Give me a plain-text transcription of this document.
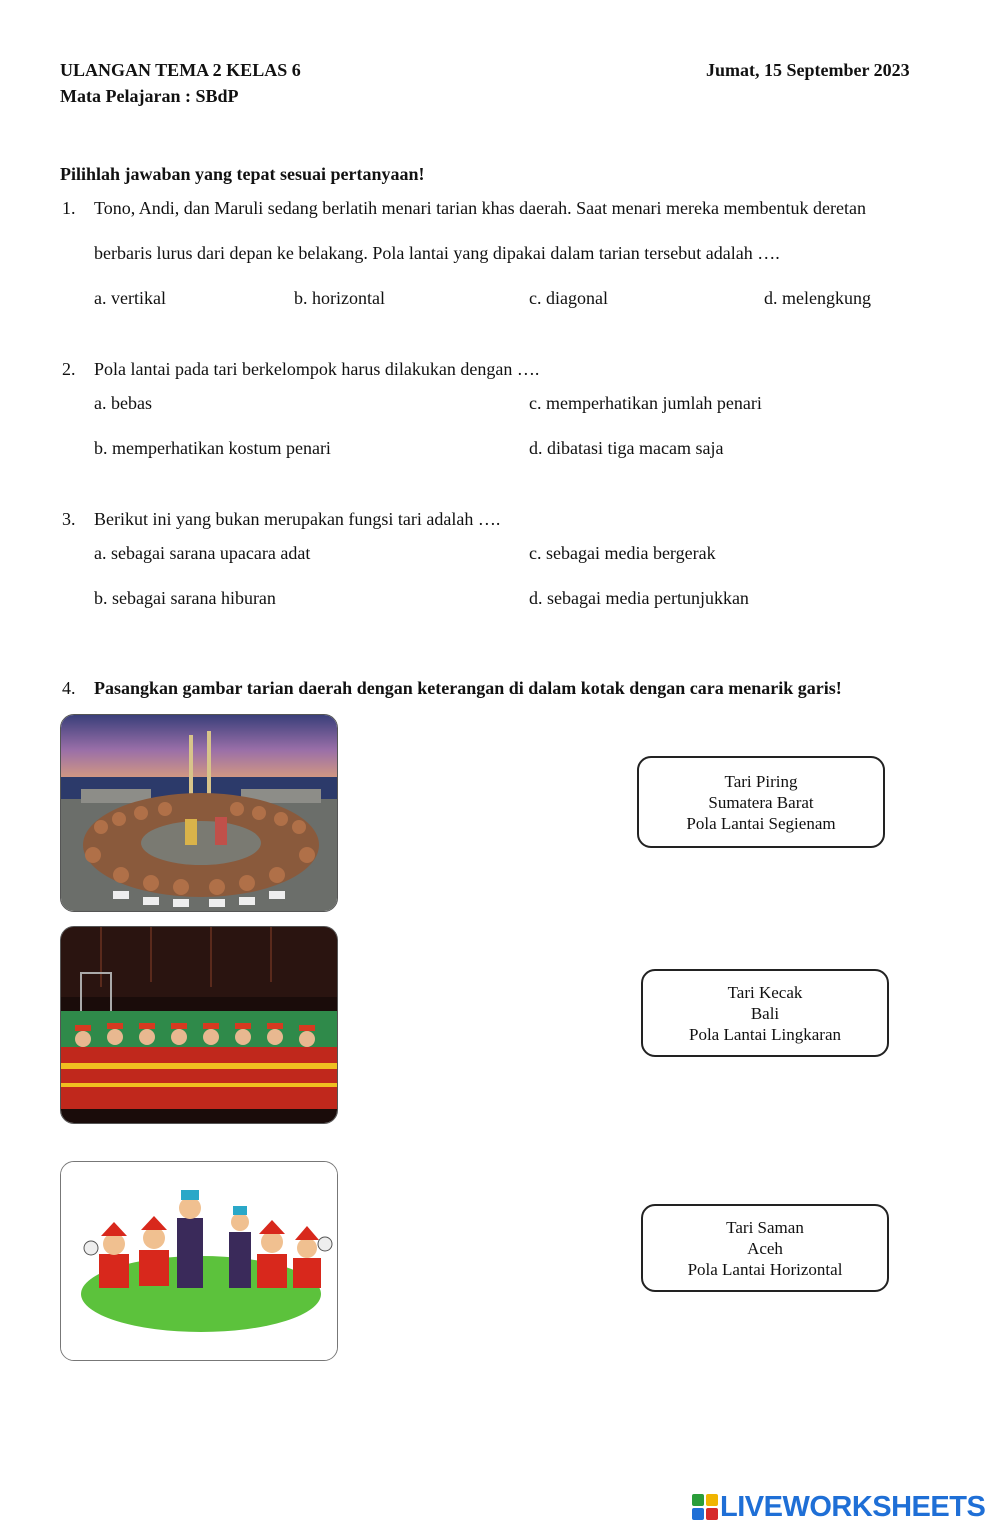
ULANGAN TEMA 2 KELAS 6
Mata Pelajaran : SBdP
Jumat, 15 September 2023
Pilihlah jawaban yang tepat sesuai pertanyaan!
1. Tono, Andi, dan Maruli sedang berlatih menari tarian khas daerah. Saat menari mereka membentuk deretan
berbaris lurus dari depan ke belakang. Pola lantai yang dipakai dalam tarian tersebut adalah ….
a. vertikal	b. horizontal	c. diagonal	d. melengkung
2. Pola lantai pada tari berkelompok harus dilakukan dengan ….
a. bebas	c. memperhatikan jumlah penari
b. memperhatikan kostum penari	d. dibatasi tiga macam saja
3. Berikut ini yang bukan merupakan fungsi tari adalah ….
a. sebagai sarana upacara adat	c. sebagai media bergerak
b. sebagai sarana hiburan	d. sebagai media pertunjukkan
4. Pasangkan gambar tarian daerah dengan keterangan di dalam kotak dengan cara menarik garis!
Tari Piring
Sumatera Barat
Pola Lantai Segienam
Tari Kecak
Bali
Pola Lantai Lingkaran
Tari Saman
Aceh
Pola Lantai Horizontal
LIVEWORKSHEETS
